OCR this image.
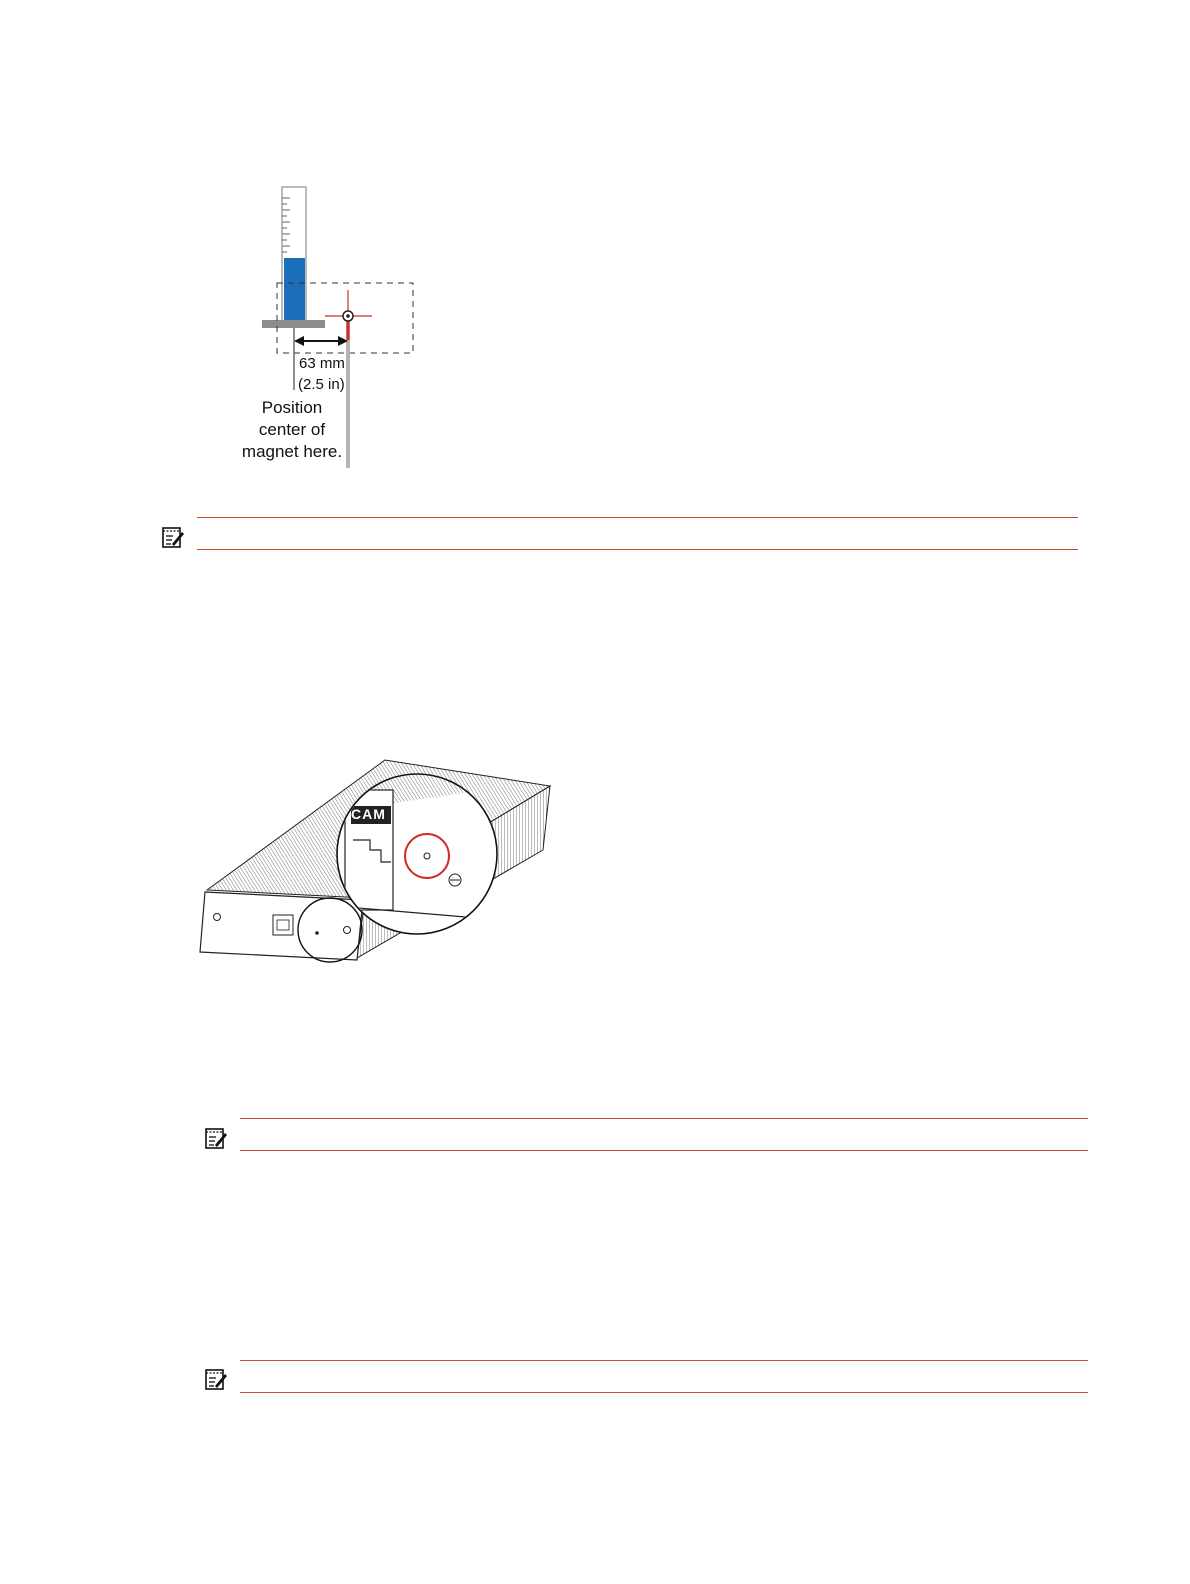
63 mm
(2.5 in)
Position
center of
magnet here.
CAM
